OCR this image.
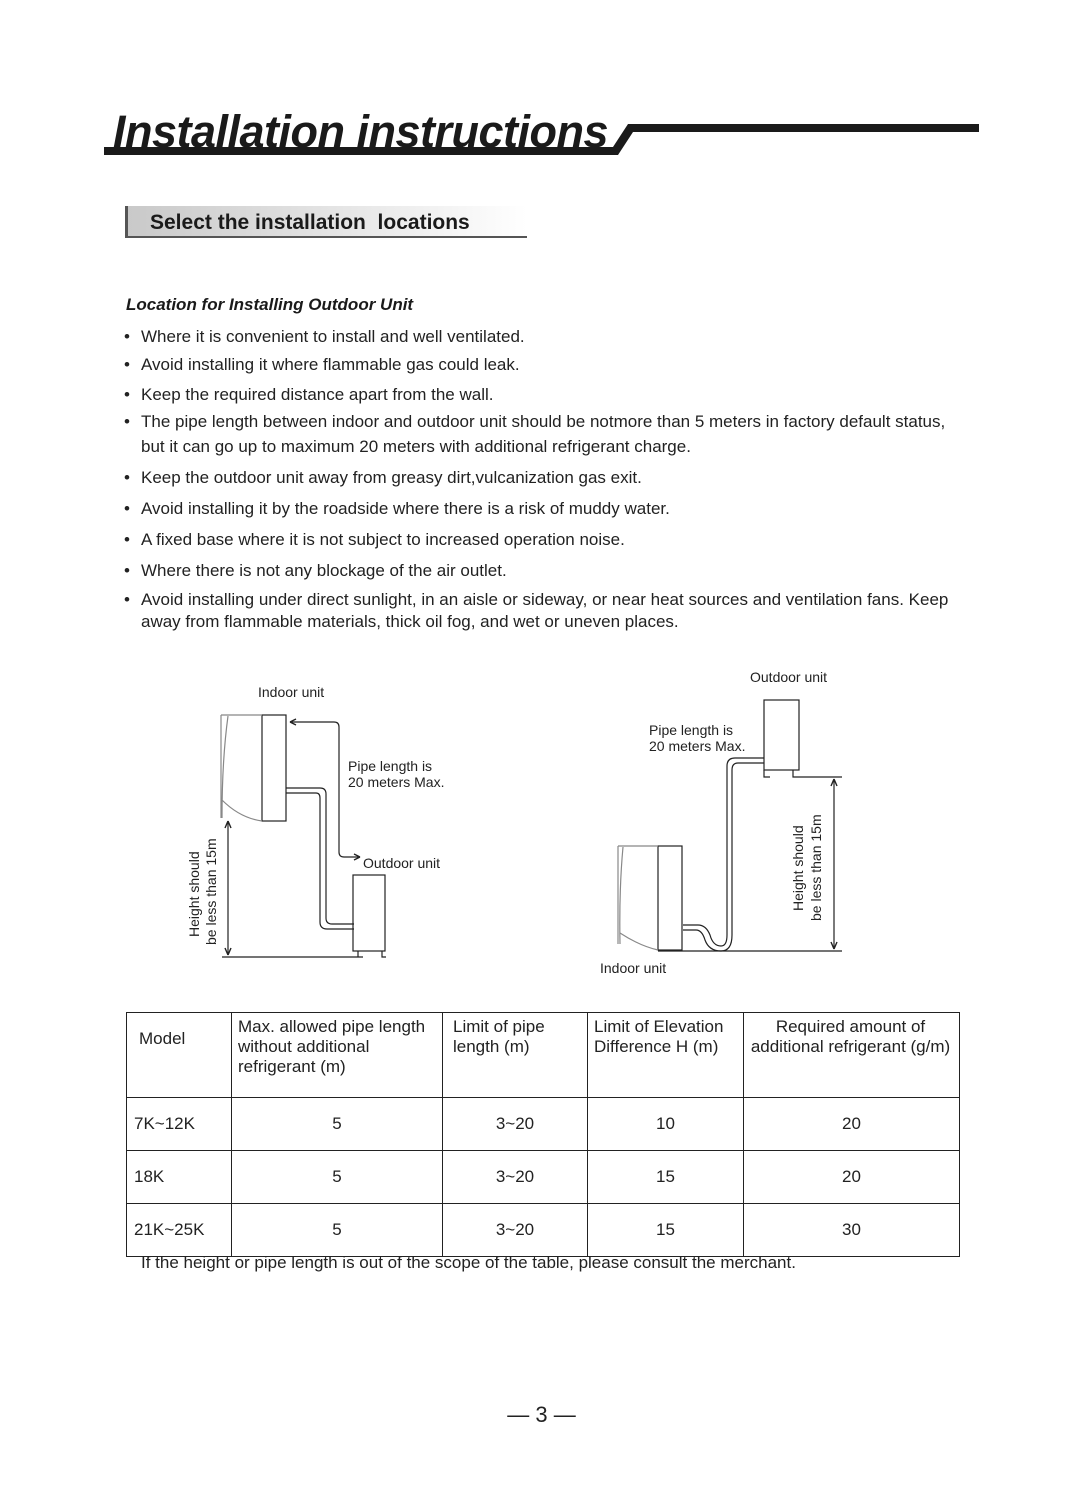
Installation instructions
Select the installation  locations
Location for Installing Outdoor Unit
• Where it is convenient to install and well ventilated.
• Avoid installing it where flammable gas could leak.
• Keep the required distance apart from the wall.
• The pipe length between indoor and outdoor unit should be notmore than 5 meters in factory default status, but it can go up to maximum 20 meters with additional refrigerant charge.
• Keep the outdoor unit away from greasy dirt,vulcanization gas exit.
• Avoid installing it by the roadside where there is a risk of muddy water.
• A fixed base where it is not subject to increased operation noise.
• Where there is not any blockage of the air outlet.
• Avoid installing under direct sunlight, in an aisle or sideway, or near heat sources and ventilation fans. Keep away from flammable materials, thick oil fog, and wet or uneven places.
Indoor unit
Pipe length is
20 meters Max.
Outdoor unit
Height should be less than 15m
Outdoor unit
Pipe length is
20 meters Max.
Indoor unit
Height should be less than 15m
Model	Max. allowed pipe length without additional refrigerant (m)	Limit of pipe length (m)	Limit of Elevation Difference H (m)	Required amount of additional refrigerant (g/m)
7K~12K	5	3~20	10	20
18K	5	3~20	15	20
21K~25K	5	3~20	15	30
If the height or pipe length is out of the scope of the table, please consult the merchant.
— 3 —
